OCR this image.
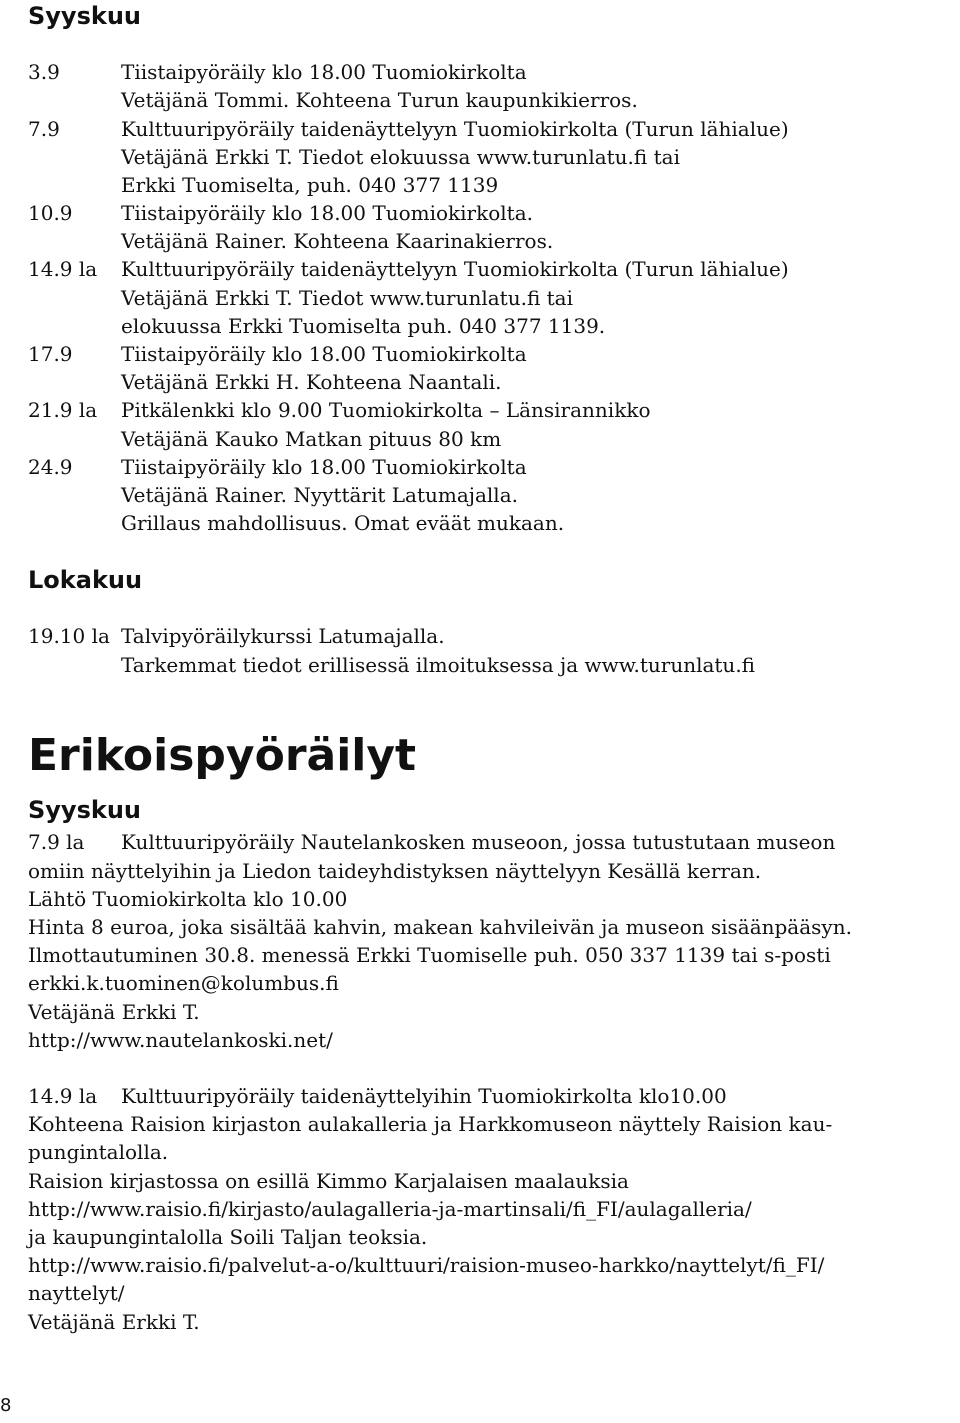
Syyskuu
3.9	Tiistaipyöräily klo 18.00 Tuomiokirkolta
Vetäjänä Tommi. Kohteena Turun kaupunkikierros.
7.9	Kulttuuripyöräily taidenäyttelyyn Tuomiokirkolta (Turun lähialue)
Vetäjänä Erkki T. Tiedot elokuussa www.turunlatu.fi tai
Erkki Tuomiselta, puh. 040 377 1139
10.9 Tiistaipyöräily klo 18.00 Tuomiokirkolta.
Vetäjänä Rainer. Kohteena Kaarinakierros.
14.9 la Kulttuuripyöräily taidenäyttelyyn Tuomiokirkolta (Turun lähialue)
Vetäjänä Erkki T. Tiedot www.turunlatu.fi tai
elokuussa Erkki Tuomiselta puh. 040 377 1139.
17.9 Tiistaipyöräily klo 18.00 Tuomiokirkolta
Vetäjänä Erkki H. Kohteena Naantali.
21.9 la Pitkälenkki klo 9.00 Tuomiokirkolta – Länsirannikko
Vetäjänä Kauko Matkan pituus 80 km
24.9 Tiistaipyöräily klo 18.00 Tuomiokirkolta
Vetäjänä Rainer. Nyyttärit Latumajalla.
Grillaus mahdollisuus. Omat eväät mukaan.
Lokakuu
19.10 la Talvipyöräilykurssi Latumajalla.
Tarkemmat tiedot erillisessä ilmoituksessa ja www.turunlatu.fi
Erikoispyöräilyt
Syyskuu
7.9 la Kulttuuripyöräily Nautelankosken museoon, jossa tutustutaan museon
omiin näyttelyihin ja Liedon taideyhdistyksen näyttelyyn Kesällä kerran.
Lähtö Tuomiokirkolta klo 10.00
Hinta 8 euroa, joka sisältää kahvin, makean kahvileivän ja museon sisäänpääsyn.
Ilmottautuminen 30.8. menessä Erkki Tuomiselle puh. 050 337 1139 tai s-posti
erkki.k.tuominen@kolumbus.fi
Vetäjänä Erkki T.
http://www.nautelankoski.net/
14.9 la Kulttuuripyöräily taidenäyttelyihin Tuomiokirkolta klo10.00
Kohteena Raision kirjaston aulakalleria ja Harkkomuseon näyttely Raision kau-
pungintalolla.
Raision kirjastossa on esillä Kimmo Karjalaisen maalauksia
http://www.raisio.fi/kirjasto/aulagalleria-ja-martinsali/fi_FI/aulagalleria/
ja kaupungintalolla Soili Taljan teoksia.
http://www.raisio.fi/palvelut-a-o/kulttuuri/raision-museo-harkko/nayttelyt/fi_FI/
nayttelyt/
Vetäjänä Erkki T.
8
